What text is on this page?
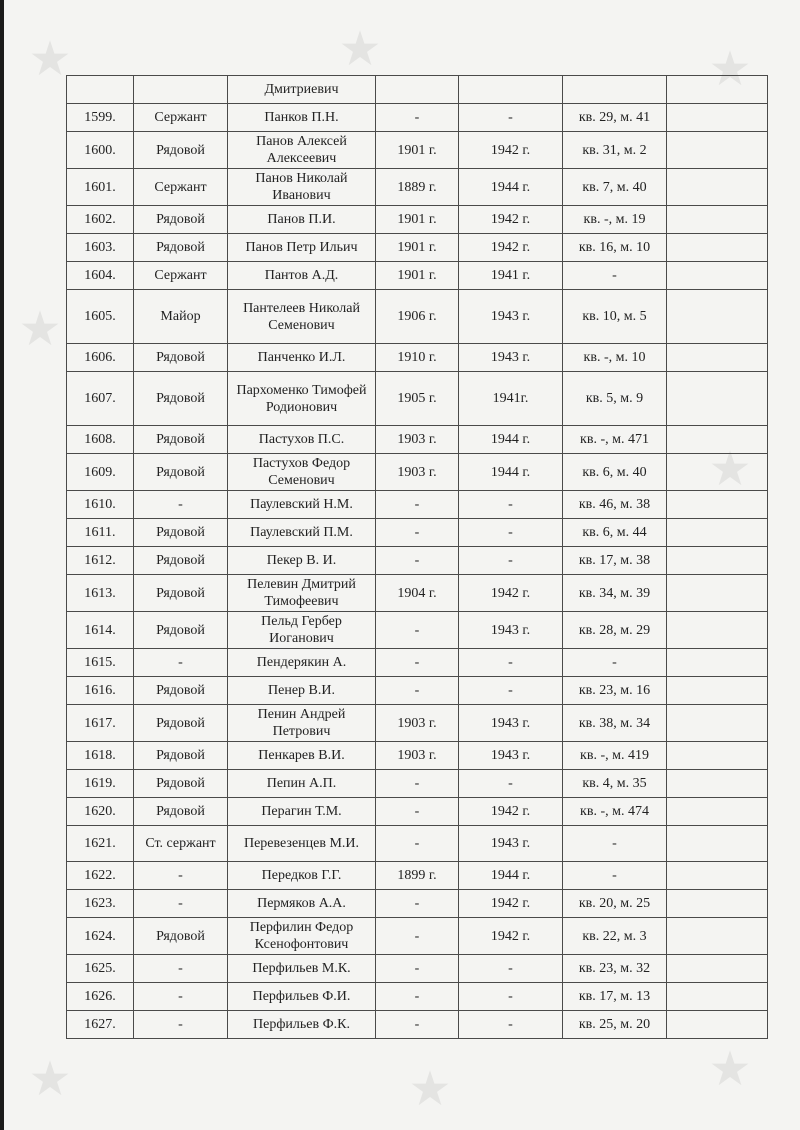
★	★	★
★
★
★	★	★
		Дмитриевич				
1599.	Сержант	Панков П.Н.	-	-	кв. 29, м. 41	
1600.	Рядовой	Панов Алексей Алексеевич	1901 г.	1942 г.	кв. 31, м. 2	
1601.	Сержант	Панов Николай Иванович	1889 г.	1944 г.	кв. 7, м. 40	
1602.	Рядовой	Панов П.И.	1901 г.	1942 г.	кв. -, м. 19	
1603.	Рядовой	Панов Петр Ильич	1901 г.	1942 г.	кв. 16, м. 10	
1604.	Сержант	Пантов А.Д.	1901 г.	1941 г.	-	
1605.	Майор	Пантелеев Николай Семенович	1906 г.	1943 г.	кв. 10, м. 5	
1606.	Рядовой	Панченко И.Л.	1910 г.	1943 г.	кв. -, м. 10	
1607.	Рядовой	Пархоменко Тимофей Родионович	1905 г.	1941г.	кв. 5, м. 9	
1608.	Рядовой	Пастухов П.С.	1903 г.	1944 г.	кв. -, м. 471	
1609.	Рядовой	Пастухов Федор Семенович	1903 г.	1944 г.	кв. 6, м. 40	
1610.	-	Паулевский Н.М.	-	-	кв. 46, м. 38	
1611.	Рядовой	Паулевский П.М.	-	-	кв. 6, м. 44	
1612.	Рядовой	Пекер В. И.	-	-	кв. 17, м. 38	
1613.	Рядовой	Пелевин Дмитрий Тимофеевич	1904 г.	1942 г.	кв. 34, м. 39	
1614.	Рядовой	Пельд Гербер Иоганович	-	1943 г.	кв. 28, м. 29	
1615.	-	Пендерякин А.	-	-	-	
1616.	Рядовой	Пенер В.И.	-	-	кв. 23, м. 16	
1617.	Рядовой	Пенин Андрей Петрович	1903 г.	1943 г.	кв. 38, м. 34	
1618.	Рядовой	Пенкарев В.И.	1903 г.	1943 г.	кв. -, м. 419	
1619.	Рядовой	Пепин А.П.	-	-	кв. 4, м. 35	
1620.	Рядовой	Перагин Т.М.	-	1942 г.	кв. -, м. 474	
1621.	Ст. сержант	Перевезенцев М.И.	-	1943 г.	-	
1622.	-	Передков Г.Г.	1899 г.	1944 г.	-	
1623.	-	Пермяков А.А.	-	1942 г.	кв. 20, м. 25	
1624.	Рядовой	Перфилин Федор Ксенофонтович	-	1942 г.	кв. 22, м. 3	
1625.	-	Перфильев М.К.	-	-	кв. 23, м. 32	
1626.	-	Перфильев Ф.И.	-	-	кв. 17, м. 13	
1627.	-	Перфильев Ф.К.	-	-	кв. 25, м. 20	
